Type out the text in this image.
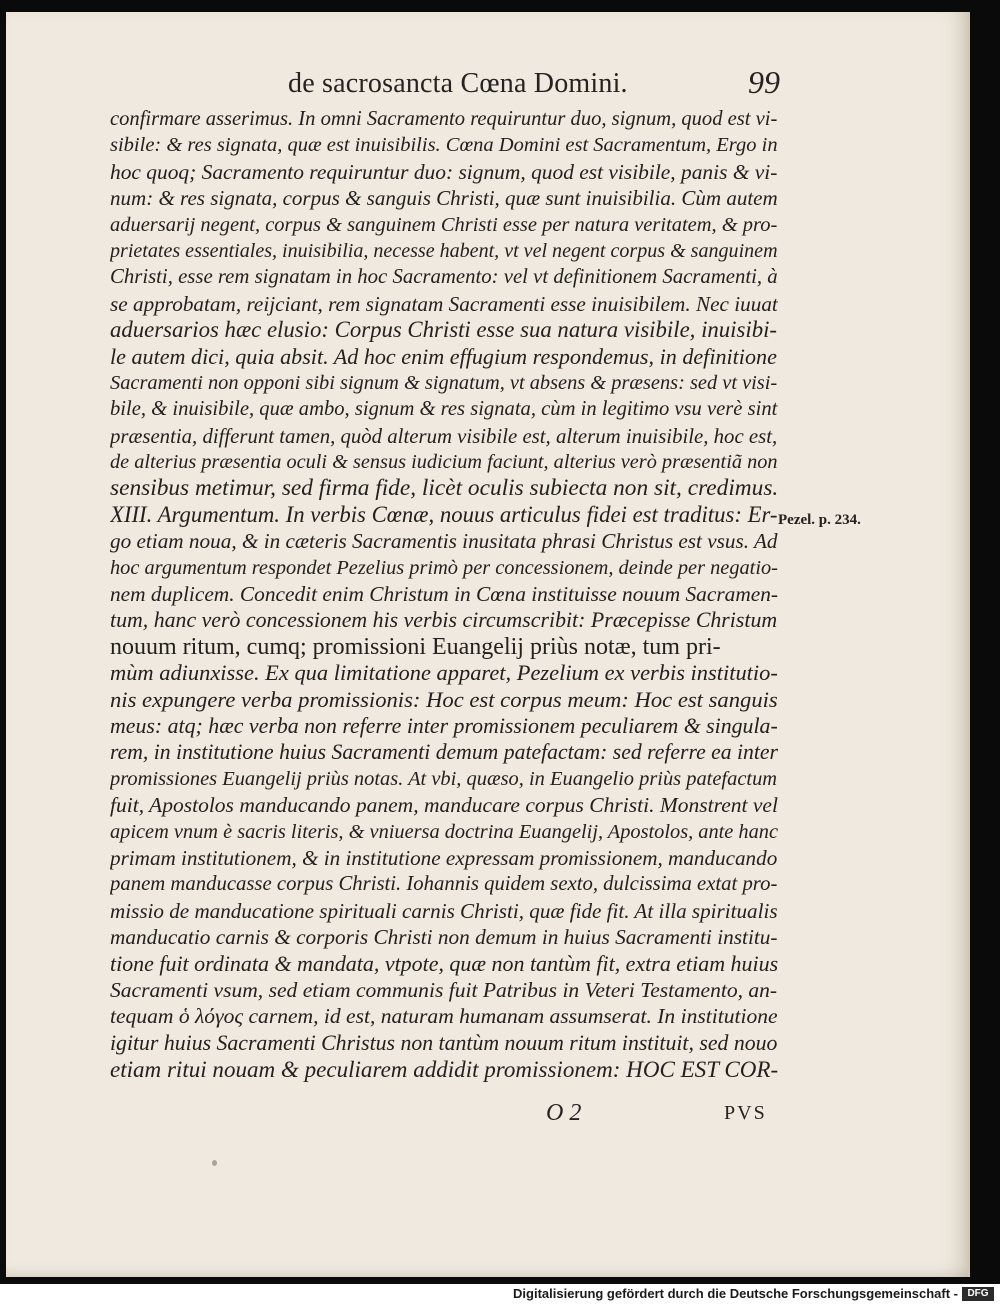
de sacrosancta Cœna Domini.	99
confirmare asserimus. In omni Sacramento requiruntur duo, signum, quod est vi-
sibile: & res signata, quæ est inuisibilis. Cœna Domini est Sacramentum, Ergo in
hoc quoq; Sacramento requiruntur duo: signum, quod est visibile, panis & vi-
num: & res signata, corpus & sanguis Christi, quæ sunt inuisibilia. Cùm autem
aduersarij negent, corpus & sanguinem Christi esse per natura veritatem, & pro-
prietates essentiales, inuisibilia, necesse habent, vt vel negent corpus & sanguinem
Christi, esse rem signatam in hoc Sacramento: vel vt definitionem Sacramenti, à
se approbatam, reijciant, rem signatam Sacramenti esse inuisibilem. Nec iuuat
aduersarios hæc elusio: Corpus Christi esse sua natura visibile, inuisibi-
le autem dici, quia absit. Ad hoc enim effugium respondemus, in definitione
Sacramenti non opponi sibi signum & signatum, vt absens & præsens: sed vt visi-
bile, & inuisibile, quæ ambo, signum & res signata, cùm in legitimo vsu verè sint
præsentia, differunt tamen, quòd alterum visibile est, alterum inuisibile, hoc est,
de alterius præsentia oculi & sensus iudicium faciunt, alterius verò præsentiã non
sensibus metimur, sed firma fide, licèt oculis subiecta non sit, credimus.
XIII. Argumentum. In verbis Cœnæ, nouus articulus fidei est traditus: Er-
go etiam noua, & in cæteris Sacramentis inusitata phrasi Christus est vsus. Ad
hoc argumentum respondet Pezelius primò per concessionem, deinde per negatio-
nem duplicem. Concedit enim Christum in Cœna instituisse nouum Sacramen-
tum, hanc verò concessionem his verbis circumscribit: Præcepisse Christum
nouum ritum, cumq; promissioni Euangelij priùs notæ, tum pri-
mùm adiunxisse. Ex qua limitatione apparet, Pezelium ex verbis institutio-
nis expungere verba promissionis: Hoc est corpus meum: Hoc est sanguis
meus: atq; hæc verba non referre inter promissionem peculiarem & singula-
rem, in institutione huius Sacramenti demum patefactam: sed referre ea inter
promissiones Euangelij priùs notas. At vbi, quæso, in Euangelio priùs patefactum
fuit, Apostolos manducando panem, manducare corpus Christi. Monstrent vel
apicem vnum è sacris literis, & vniuersa doctrina Euangelij, Apostolos, ante hanc
primam institutionem, & in institutione expressam promissionem, manducando
panem manducasse corpus Christi. Iohannis quidem sexto, dulcissima extat pro-
missio de manducatione spirituali carnis Christi, quæ fide fit. At illa spiritualis
manducatio carnis & corporis Christi non demum in huius Sacramenti institu-
tione fuit ordinata & mandata, vtpote, quæ non tantùm fit, extra etiam huius
Sacramenti vsum, sed etiam communis fuit Patribus in Veteri Testamento, an-
tequam ὁ λόγος carnem, id est, naturam humanam assumserat. In institutione
igitur huius Sacramenti Christus non tantùm nouum ritum instituit, sed nouo
etiam ritui nouam & peculiarem addidit promissionem: HOC EST COR-
Pezel. p. 234.
O 2	PVS
Digitalisierung gefördert durch die Deutsche Forschungsgemeinschaft - DFG
